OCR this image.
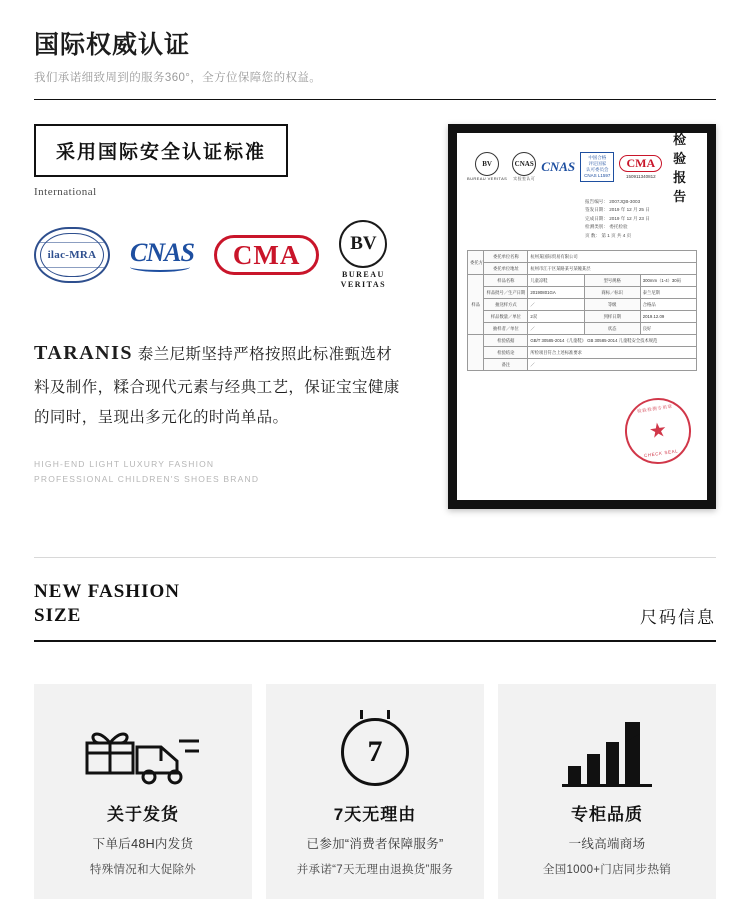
国际权威认证
我们承诺细致周到的服务360°，全方位保障您的权益。
采用国际安全认证标准
International
ilac-MRA CNAS	CMA	BV
BUREAU
VERITAS
TARANIS 泰兰尼斯坚持严格按照此标准甄选材料及制作，糅合现代元素与经典工艺，保证宝宝健康的同时，呈现出多元化的时尚单品。
HIGH-END LIGHT LUXURY FASHION
PROFESSIONAL CHILDREN'S SHOES BRAND
BV
BUREAU VERITAS
CNAS
实验室认可
CNAS
中国合格
评定国家
认可委员会
CNAS L1597
CMA
150911340812
检验报告
报告编号： 2007JQB-3003
签发日期： 2019 年 12 月 25 日
完成日期： 2019 年 12 月 23 日
检测类别： 委托检验
页 数： 第 1 页 共 4 页
委托方	委托单位名称	杭州某国际贸易有限公司		
	委托单位地址	杭州市江干区某路某号某幢某层		
样品	样品名称	儿童凉鞋	型号规格	300mm（1-4）30码
	样品批号／生产日期	20190801GA	商标／标识	泰兰尼斯
	抽送样方式	／	等级	合格品
	样品数量／单位	2双	到样日期	2019.12.09
	抽样者／单位	／	状态	良好
	检验依据	GB/T 30585-2014《儿童鞋》 GB 30585-2014 儿童鞋安全技术规范		
	检验结论	所检项目符合上述标准要求		
	备注	／		
检验检测专用章
★
CHECK SEAL
NEW FASHION
SIZE	尺码信息
关于发货
下单后48H内发货
特殊情况和大促除外
7
7天无理由
已参加“消费者保障服务”
并承诺“7天无理由退换货”服务
专柜品质
一线高端商场
全国1000+门店同步热销
